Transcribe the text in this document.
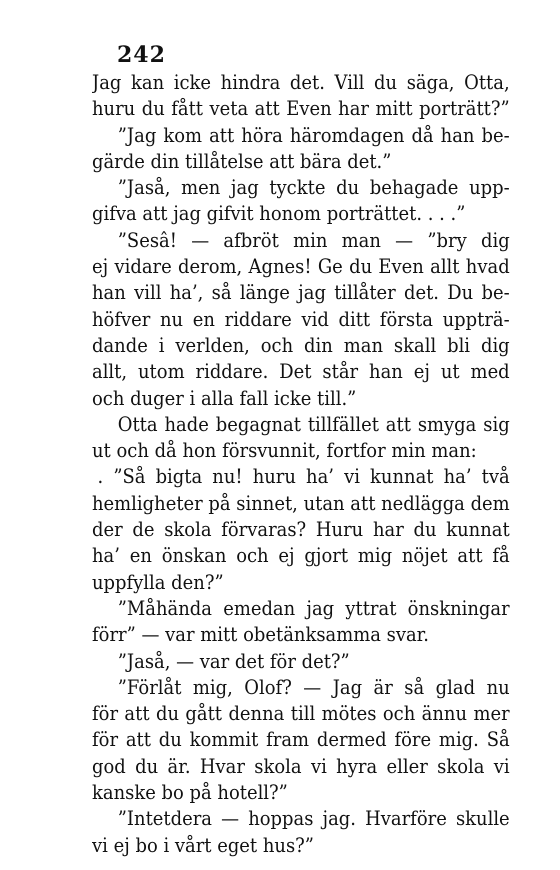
242
Jag kan icke hindra det. Vill du säga, Otta,
huru du fått veta att Even har mitt porträtt?”
”Jag kom att höra häromdagen då han be-
gärde din tillåtelse att bära det.”
”Jaså, men jag tyckte du behagade upp-
gifva att jag gifvit honom porträttet. . . .”
”Sesâ! — afbröt min man — ”bry dig
ej vidare derom, Agnes! Ge du Even allt hvad
han vill ha’, så länge jag tillåter det. Du be-
höfver nu en riddare vid ditt första uppträ-
dande i verlden, och din man skall bli dig
allt, utom riddare. Det står han ej ut med
och duger i alla fall icke till.”
Otta hade begagnat tillfället att smyga sig
ut och då hon försvunnit, fortfor min man:
. ”Så bigta nu! huru ha’ vi kunnat ha’ två
hemligheter på sinnet, utan att nedlägga dem
der de skola förvaras? Huru har du kunnat
ha’ en önskan och ej gjort mig nöjet att få
uppfylla den?”
”Måhända emedan jag yttrat önskningar
förr” — var mitt obetänksamma svar.
”Jaså, — var det för det?”
”Förlåt mig, Olof? — Jag är så glad nu
för att du gått denna till mötes och ännu mer
för att du kommit fram dermed före mig. Så
god du är. Hvar skola vi hyra eller skola vi
kanske bo på hotell?”
”Intetdera — hoppas jag. Hvarföre skulle
vi ej bo i vårt eget hus?”
